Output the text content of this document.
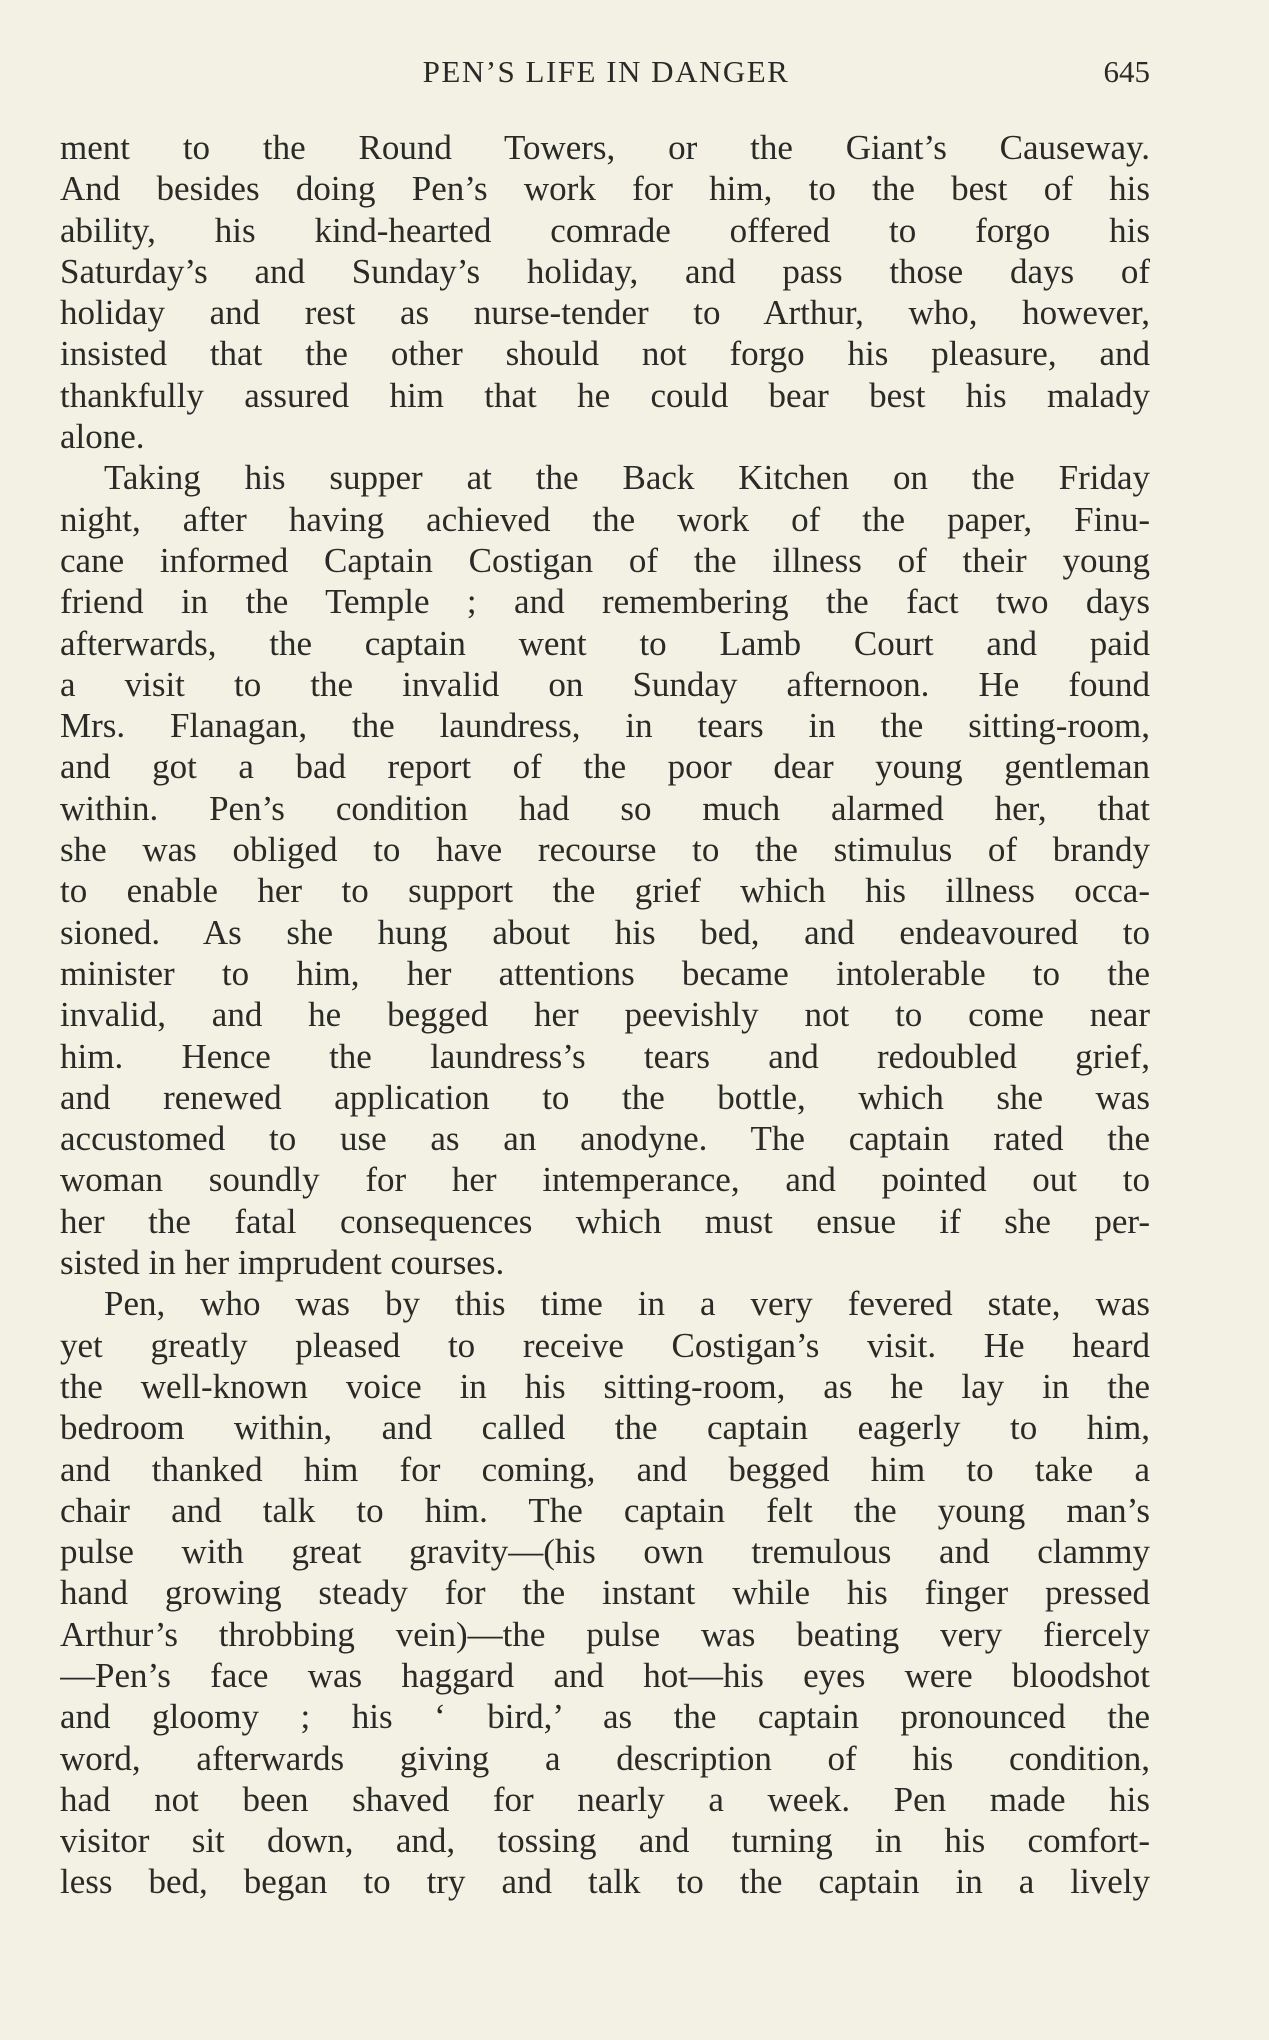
PEN’S LIFE IN DANGER	645
ment to the Round Towers, or the Giant’s Causeway.
And besides doing Pen’s work for him, to the best of his
ability, his kind-hearted comrade offered to forgo his
Saturday’s and Sunday’s holiday, and pass those days of
holiday and rest as nurse-tender to Arthur, who, however,
insisted that the other should not forgo his pleasure, and
thankfully assured him that he could bear best his malady
alone.
Taking his supper at the Back Kitchen on the Friday
night, after having achieved the work of the paper, Finu-
cane informed Captain Costigan of the illness of their young
friend in the Temple ; and remembering the fact two days
afterwards, the captain went to Lamb Court and paid
a visit to the invalid on Sunday afternoon. He found
Mrs. Flanagan, the laundress, in tears in the sitting-room,
and got a bad report of the poor dear young gentleman
within. Pen’s condition had so much alarmed her, that
she was obliged to have recourse to the stimulus of brandy
to enable her to support the grief which his illness occa-
sioned. As she hung about his bed, and endeavoured to
minister to him, her attentions became intolerable to the
invalid, and he begged her peevishly not to come near
him. Hence the laundress’s tears and redoubled grief,
and renewed application to the bottle, which she was
accustomed to use as an anodyne. The captain rated the
woman soundly for her intemperance, and pointed out to
her the fatal consequences which must ensue if she per-
sisted in her imprudent courses.
Pen, who was by this time in a very fevered state, was
yet greatly pleased to receive Costigan’s visit. He heard
the well-known voice in his sitting-room, as he lay in the
bedroom within, and called the captain eagerly to him,
and thanked him for coming, and begged him to take a
chair and talk to him. The captain felt the young man’s
pulse with great gravity—(his own tremulous and clammy
hand growing steady for the instant while his finger pressed
Arthur’s throbbing vein)—the pulse was beating very fiercely
—Pen’s face was haggard and hot—his eyes were bloodshot
and gloomy ; his ‘ bird,’ as the captain pronounced the
word, afterwards giving a description of his condition,
had not been shaved for nearly a week. Pen made his
visitor sit down, and, tossing and turning in his comfort-
less bed, began to try and talk to the captain in a lively
